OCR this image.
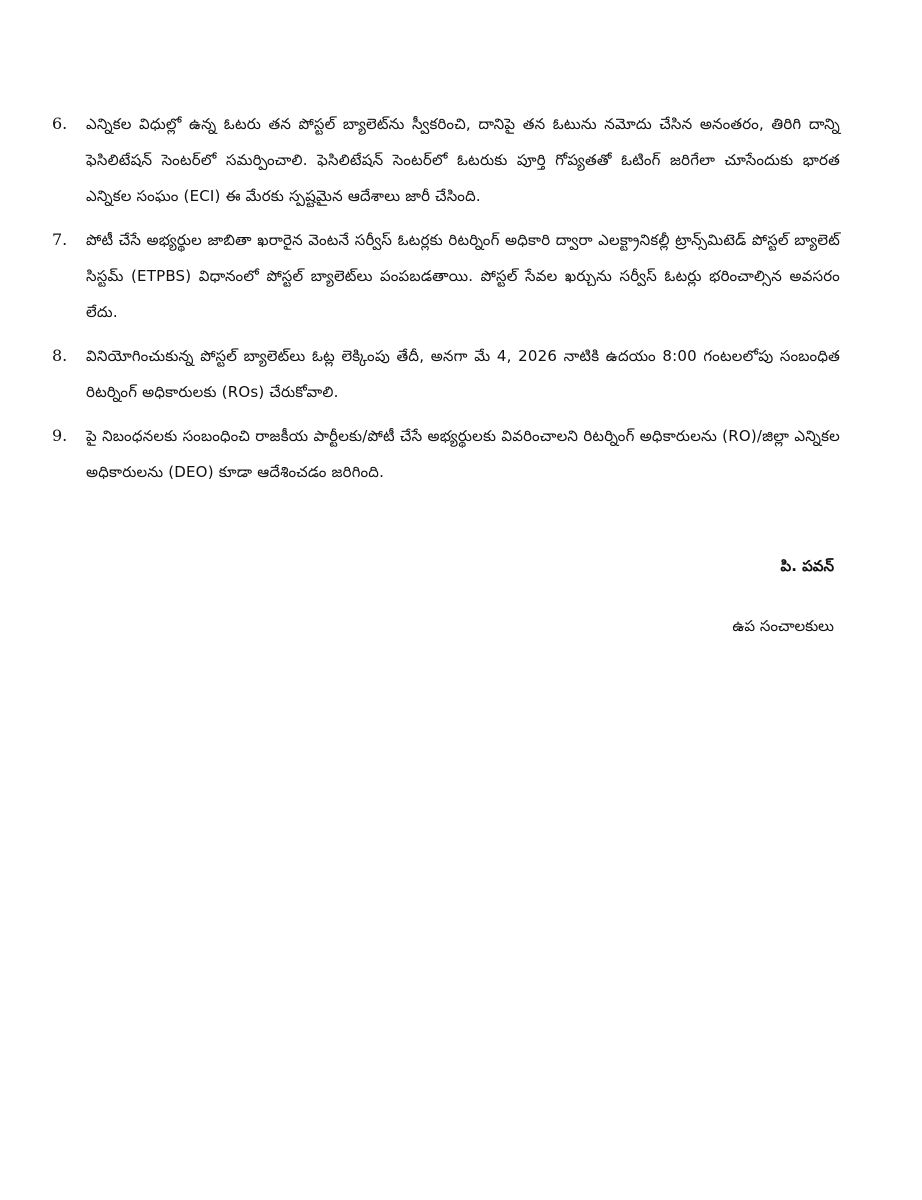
6.	ఎన్నికల విధుల్లో ఉన్న ఓటరు తన పోస్టల్ బ్యాలెట్‌ను స్వీకరించి, దానిపై తన ఓటును నమోదు చేసిన అనంతరం, తిరిగి దాన్ని ఫెసిలిటేషన్ సెంటర్‌లో సమర్పించాలి. ఫెసిలిటేషన్ సెంటర్‌లో ఓటరుకు పూర్తి గోప్యతతో ఓటింగ్ జరిగేలా చూసేందుకు భారత ఎన్నికల సంఘం (ECI) ఈ మేరకు స్పష్టమైన ఆదేశాలు జారీ చేసింది.
7.	పోటీ చేసే అభ్యర్థుల జాబితా ఖరారైన వెంటనే సర్వీస్ ఓటర్లకు రిటర్నింగ్ అధికారి ద్వారా ఎలక్ట్రానికల్లీ ట్రాన్స్‌మిటెడ్ పోస్టల్ బ్యాలెట్ సిస్టమ్ (ETPBS) విధానంలో పోస్టల్ బ్యాలెట్‌లు పంపబడతాయి. పోస్టల్ సేవల ఖర్చును సర్వీస్ ఓటర్లు భరించాల్సిన అవసరం లేదు.
8.	వినియోగించుకున్న పోస్టల్ బ్యాలెట్‌లు ఓట్ల లెక్కింపు తేదీ, అనగా మే 4, 2026 నాటికి ఉదయం 8:00 గంటలలోపు సంబంధిత రిటర్నింగ్ అధికారులకు (ROs) చేరుకోవాలి.
9.	పై నిబంధనలకు సంబంధించి రాజకీయ పార్టీలకు/పోటీ చేసే అభ్యర్థులకు వివరించాలని రిటర్నింగ్ అధికారులను (RO)/జిల్లా ఎన్నికల అధికారులను (DEO) కూడా ఆదేశించడం జరిగింది.
పి. పవన్
ఉప సంచాలకులు
